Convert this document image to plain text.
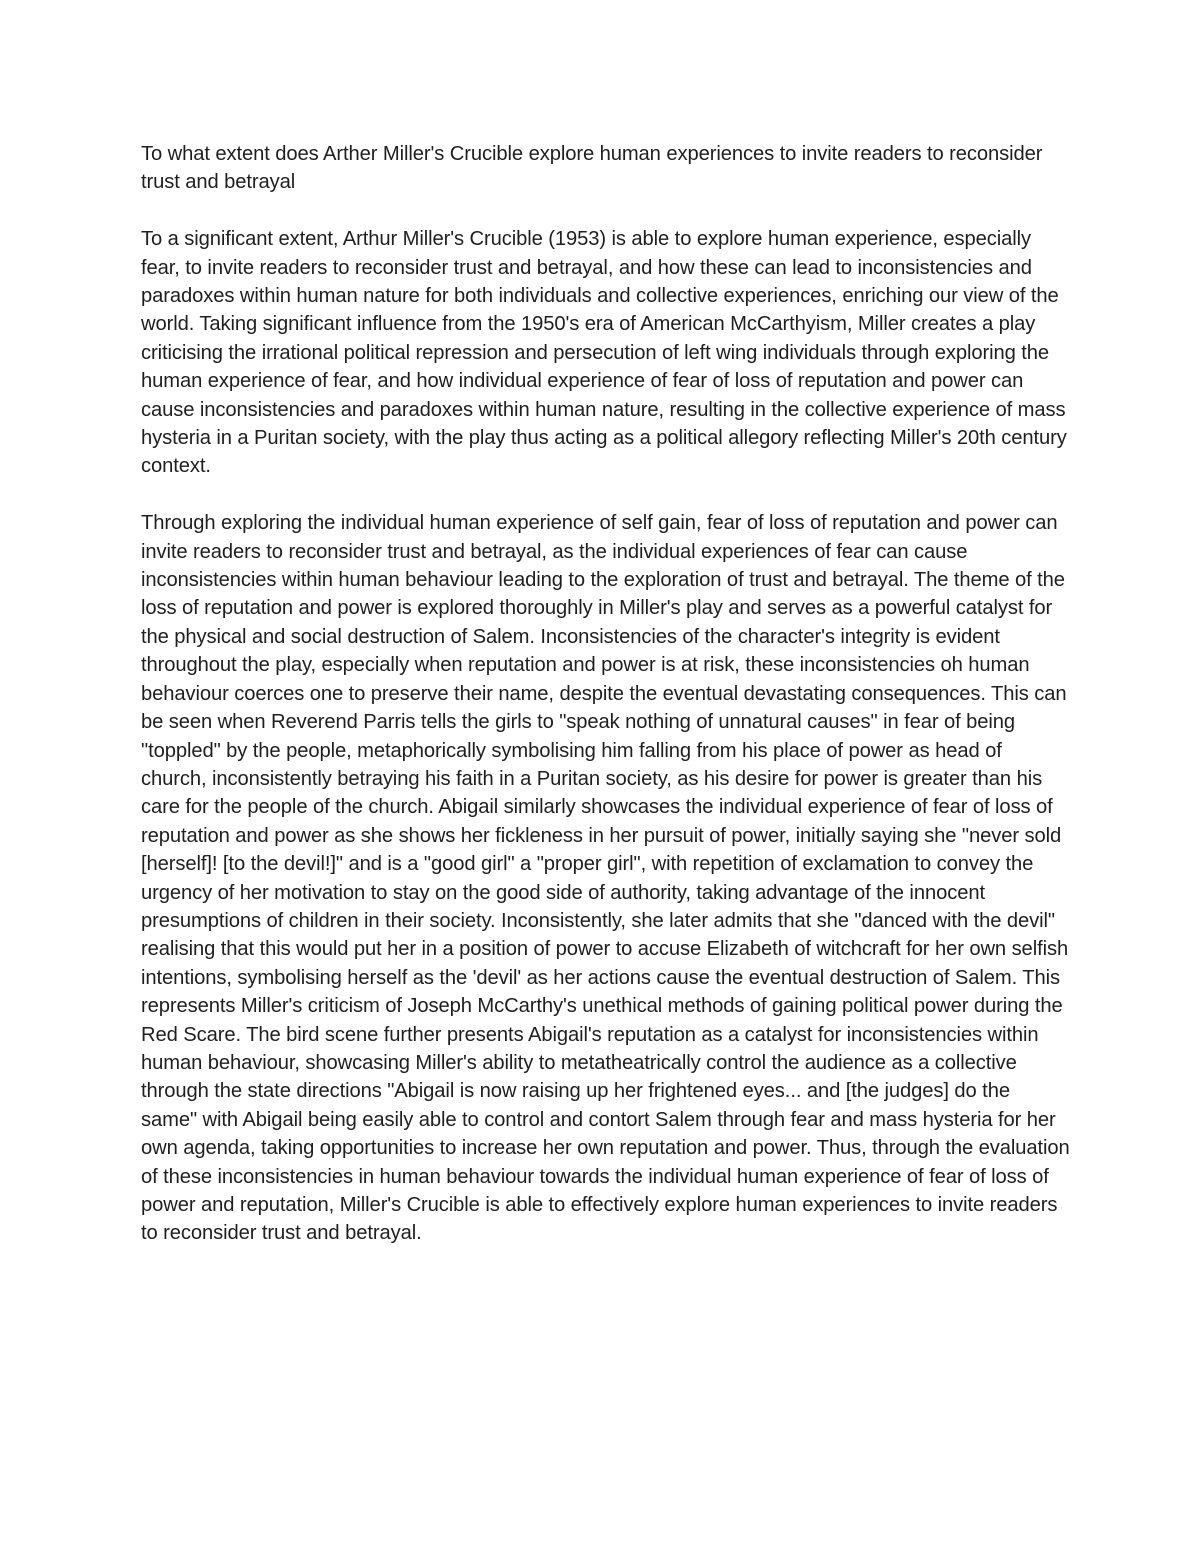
To what extent does Arther Miller's Crucible explore human experiences to invite readers to reconsider trust and betrayal

To a significant extent, Arthur Miller's Crucible (1953) is able to explore human experience, especially fear, to invite readers to reconsider trust and betrayal, and how these can lead to inconsistencies and paradoxes within human nature for both individuals and collective experiences, enriching our view of the world. Taking significant influence from the 1950's era of American McCarthyism, Miller creates a play criticising the irrational political repression and persecution of left wing individuals through exploring the human experience of fear, and how individual experience of fear of loss of reputation and power can cause inconsistencies and paradoxes within human nature, resulting in the collective experience of mass hysteria in a Puritan society, with the play thus acting as a political allegory reflecting Miller's 20th century context.

Through exploring the individual human experience of self gain, fear of loss of reputation and power can invite readers to reconsider trust and betrayal, as the individual experiences of fear can cause inconsistencies within human behaviour leading to the exploration of trust and betrayal. The theme of the loss of reputation and power is explored thoroughly in Miller's play and serves as a powerful catalyst for the physical and social destruction of Salem. Inconsistencies of the character's integrity is evident throughout the play, especially when reputation and power is at risk, these inconsistencies oh human behaviour coerces one to preserve their name, despite the eventual devastating consequences. This can be seen when Reverend Parris tells the girls to "speak nothing of unnatural causes" in fear of being "toppled" by the people, metaphorically symbolising him falling from his place of power as head of church, inconsistently betraying his faith in a Puritan society, as his desire for power is greater than his care for the people of the church. Abigail similarly showcases the individual experience of fear of loss of reputation and power as she shows her fickleness in her pursuit of power, initially saying she "never sold [herself]! [to the devil!]" and is a "good girl" a "proper girl", with repetition of exclamation to convey the urgency of her motivation to stay on the good side of authority, taking advantage of the innocent presumptions of children in their society. Inconsistently, she later admits that she "danced with the devil" realising that this would put her in a position of power to accuse Elizabeth of witchcraft for her own selfish intentions, symbolising herself as the 'devil' as her actions cause the eventual destruction of Salem. This represents Miller's criticism of Joseph McCarthy's unethical methods of gaining political power during the Red Scare. The bird scene further presents Abigail's reputation as a catalyst for inconsistencies within human behaviour, showcasing Miller's ability to metatheatrically control the audience as a collective through the state directions "Abigail is now raising up her frightened eyes... and [the judges] do the same" with Abigail being easily able to control and contort Salem through fear and mass hysteria for her own agenda, taking opportunities to increase her own reputation and power. Thus, through the evaluation of these inconsistencies in human behaviour towards the individual human experience of fear of loss of power and reputation, Miller's Crucible is able to effectively explore human experiences to invite readers to reconsider trust and betrayal.
